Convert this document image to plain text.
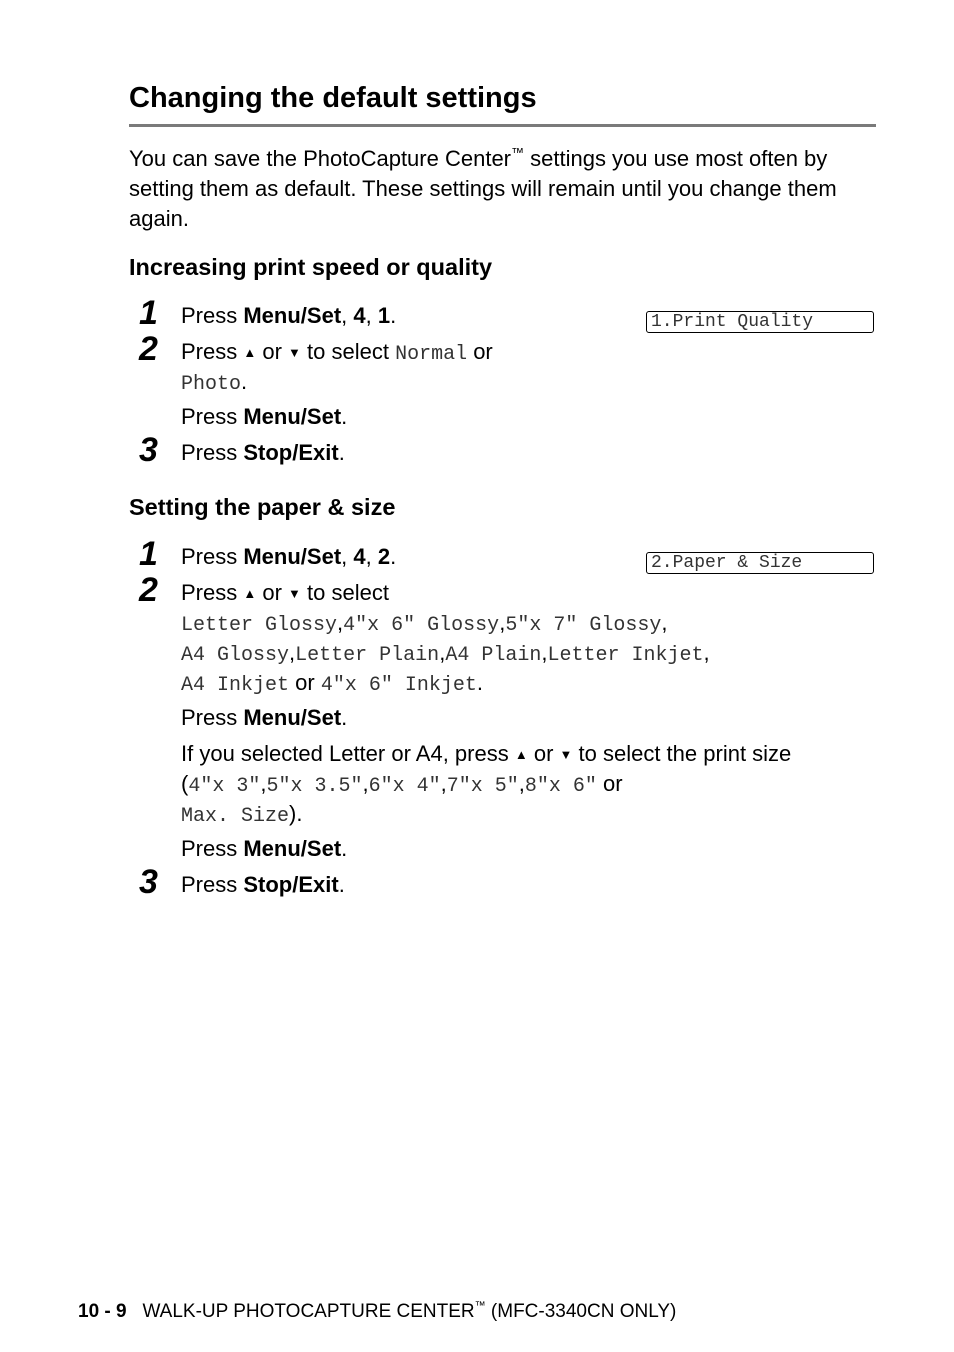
Changing the default settings
You can save the PhotoCapture Center™ settings you use most often by setting them as default. These settings will remain until you change them again.
Increasing print speed or quality
1.Print Quality
1	Press Menu/Set, 4, 1.
2	Press ▲ or ▼ to select Normal or
Photo.
Press Menu/Set.
3	Press Stop/Exit.
Setting the paper & size
2.Paper & Size
1	Press Menu/Set, 4, 2.
2	Press ▲ or ▼ to select
Letter Glossy,4"x 6" Glossy,5"x 7" Glossy,
A4 Glossy,Letter Plain,A4 Plain,Letter Inkjet,
A4 Inkjet or 4"x 6" Inkjet.
Press Menu/Set.
If you selected Letter or A4, press ▲ or ▼ to select the print size
(4"x 3",5"x 3.5",6"x 4",7"x 5",8"x 6" or
Max. Size).
Press Menu/Set.
3	Press Stop/Exit.
10 - 9 WALK-UP PHOTOCAPTURE CENTER™ (MFC-3340CN ONLY)
